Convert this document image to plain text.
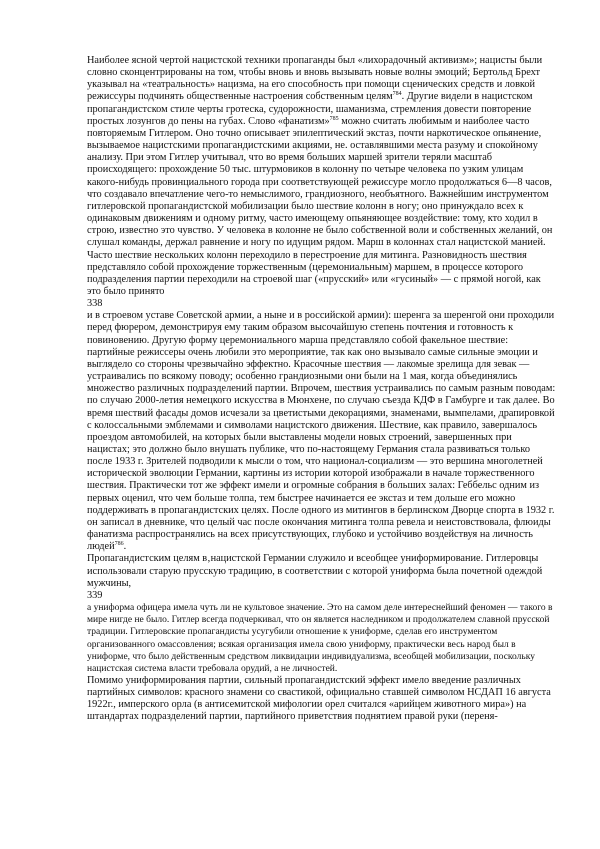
Наиболее ясной чертой нацистской техники пропаганды был «лихорадочный активизм»; нацисты были словно сконцентрированы на том, чтобы вновь и вновь вызывать новые волны эмоций; Бертольд Брехт указывал на «театральность» нацизма, на его способность при помощи сценических средств и ловкой режиссуры подчинять общественные настроения собственным целям$^{784}$. Другие видели в нацистском пропагандистском стиле черты гротеска, судорожности, шаманизма, стремления довести повторение простых лозунгов до пены на губах. Слово «фанатизм»$^{785}$ можно считать любимым и наиболее часто повторяемым Гитлером. Оно точно описывает эпилептический экстаз, почти наркотическое опьянение, вызываемое нацистскими пропагандистскими акциями, не. оставлявшими места разуму и спокойному анализу. При этом Гитлер учитывал, что во время больших маршей зрители теряли масштаб происходящего: прохождение 50 тыс. штурмовиков в колонну по четыре человека по узким улицам какого-нибудь провинциального города при соответствующей режиссуре могло продолжаться 6—8 часов, что создавало впечатление чего-то немыслимого, грандиозного, необъятного. Важнейшим инструментом гитлеровской пропагандистской мобилизации было шествие колонн в ногу; оно принуждало всех к одинаковым движениям и одному ритму, часто имеющему опьяняющее воздействие: тому, кто ходил в строю, известно это чувство. У человека в колонне не было собственной воли и собственных желаний, он слушал команды, держал равнение и ногу по идущим рядом. Марш в колоннах стал нацистской манией. Часто шествие нескольких колонн переходило в перестроение для митинга. Разновидность шествия представляло собой прохождение торжественным (церемониальным) маршем, в процессе которого подразделения партии переходили на строевой шаг («прусский» или «гусиный» — с прямой ногой, как это было принято

338

и в строевом уставе Советской армии, а ныне и в российской армии): шеренга за шеренгой они проходили перед фюрером, демонстрируя ему таким образом высочайшую степень почтения и готовность к повиновению. Другую форму церемониального марша представляло собой факельное шествие: партийные режиссеры очень любили это мероприятие, так как оно вызывало самые сильные эмоции и выглядело со стороны чрезвычайно эффектно. Красочные шествия — лакомые зрелища для зевак — устраивались по всякому поводу; особенно грандиозными они были на 1 мая, когда объединялись множество различных подразделений партии. Впрочем, шествия устраивались по самым разным поводам: по случаю 2000-летия немецкого искусства в Мюнхене, по случаю съезда КДФ в Гамбурге и так далее. Во время шествий фасады домов исчезали за цветистыми декорациями, знаменами, вымпелами, драпировкой с колоссальными эмблемами и символами нацистского движения. Шествие, как правило, завершалось проездом автомобилей, на которых были выставлены модели новых строений, завершенных при нацистах; это должно было внушать публике, что по-настоящему Германия стала развиваться только после 1933 г. Зрителей подводили к мысли о том, что национал-социализм — это вершина многолетней исторической эволюции Германии, картины из истории которой изображали в начале торжественного шествия. Практически тот же эффект имели и огромные собрания в больших залах: Геббельс одним из первых оценил, что чем больше толпа, тем быстрее начинается ее экстаз и тем дольше его можно поддерживать в пропагандистских целях. После одного из митингов в берлинском Дворце спорта в 1932 г. он записал в дневнике, что целый час после окончания митинга толпа ревела и неистовствовала, флюиды фанатизма распространялись на всех присутствующих, глубоко и устойчиво воздействуя на личность людей$^{786}$.

Пропагандистским целям в‚нацистской Германии служило и всеобщее униформирование. Гитлеровцы использовали старую прусскую традицию, в соответствии с которой униформа была почетной одеждой мужчины,

339

а униформа офицера имела чуть ли не культовое значение. Это на самом деле интереснейший феномен — такого в мире нигде не было. Гитлер всегда подчеркивал, что он является наследником и продолжателем славной прусской традиции. Гитлеровские пропагандисты усугубили отношение к униформе, сделав его инструментом организованного омассовления; всякая организация имела свою униформу, практически весь народ был в униформе, что было действенным средством ликвидации индивидуализма, всеобщей мобилизации, поскольку нацистская система власти требовала орудий, а не личностей.

Помимо униформирования партии, сильный пропагандистский эффект имело введение различных партийных символов: красного знамени со свастикой, официально ставшей символом НСДАП 16 августа 1922г., имперского орла (в антисемитской мифологии орел считался «арийцем животного мира») на штандартах подразделений партии, партийного приветствия поднятием правой руки (переня-
